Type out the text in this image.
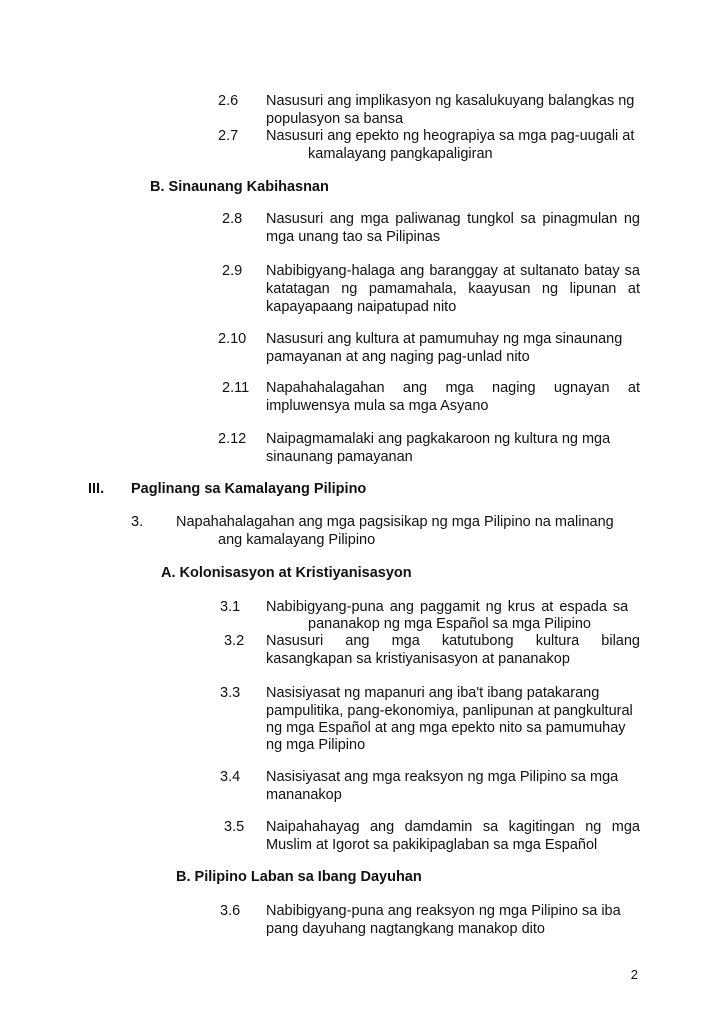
2.6 Nasusuri ang implikasyon ng kasalukuyang balangkas ng
populasyon sa bansa
2.7 Nasusuri ang epekto ng heograpiya sa mga pag-uugali at
kamalayang pangkapaligiran
B. Sinaunang Kabihasnan
2.8 Nasusuri ang mga paliwanag tungkol sa pinagmulan ng
mga unang tao sa Pilipinas
2.9 Nabibigyang-halaga ang baranggay at sultanato batay sa
katatagan ng pamamahala, kaayusan ng lipunan at
kapayapaang naipatupad nito
2.10 Nasusuri ang kultura at pamumuhay ng mga sinaunang
pamayanan at ang naging pag-unlad nito
2.11 Napahahalagahan ang mga naging ugnayan at
impluwensya mula sa mga Asyano
2.12 Naipagmamalaki ang pagkakaroon ng kultura ng mga
sinaunang pamayanan
III. Paglinang sa Kamalayang Pilipino
3. Napahahalagahan ang mga pagsisikap ng mga Pilipino na malinang
ang kamalayang Pilipino
A. Kolonisasyon at Kristiyanisasyon
3.1 Nabibigyang-puna ang paggamit ng krus at espada sa
pananakop ng mga Español sa mga Pilipino
3.2 Nasusuri ang mga katutubong kultura bilang
kasangkapan sa kristiyanisasyon at pananakop
3.3 Nasisiyasat ng mapanuri ang iba't ibang patakarang
pampulitika, pang-ekonomiya, panlipunan at pangkultural
ng mga Español at ang mga epekto nito sa pamumuhay
ng mga Pilipino
3.4 Nasisiyasat ang mga reaksyon ng mga Pilipino sa mga
mananakop
3.5 Naipahahayag ang damdamin sa kagitingan ng mga
Muslim at Igorot sa pakikipaglaban sa mga Español
B. Pilipino Laban sa Ibang Dayuhan
3.6 Nabibigyang-puna ang reaksyon ng mga Pilipino sa iba
pang dayuhang nagtangkang manakop dito
2
